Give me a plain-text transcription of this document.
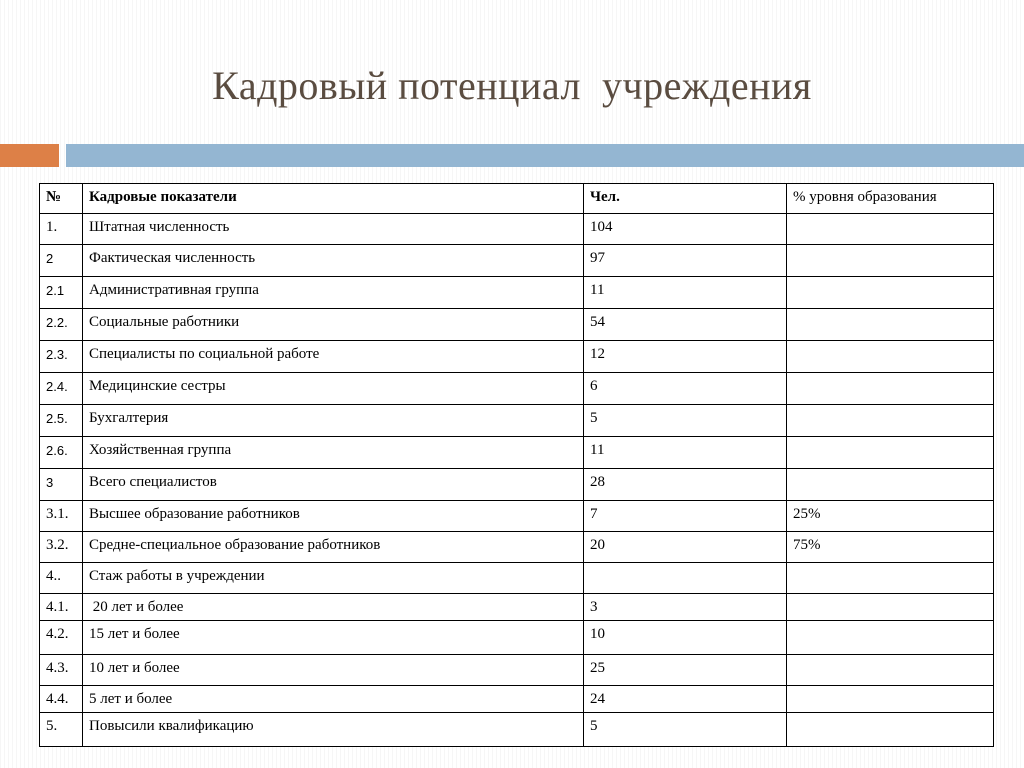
Кадровый потенциал  учреждения
№	Кадровые показатели	Чел.	% уровня образования
1.	Штатная численность	104	
2	Фактическая численность	97	
2.1	Административная группа	11	
2.2.	Социальные работники	54	
2.3.	Специалисты по социальной работе	12	
2.4.	Медицинские сестры	6	
2.5.	Бухгалтерия	5	
2.6.	Хозяйственная группа	11	
3	Всего специалистов	28	
3.1.	Высшее образование работников	7	25%
3.2.	Средне-специальное образование работников	20	75%
4..	Стаж работы в учреждении		
4.1.	20 лет и более	3	
4.2.	15 лет и более	10	
4.3.	10 лет и более	25	
4.4.	5 лет и более	24	
5.	Повысили квалификацию	5	
